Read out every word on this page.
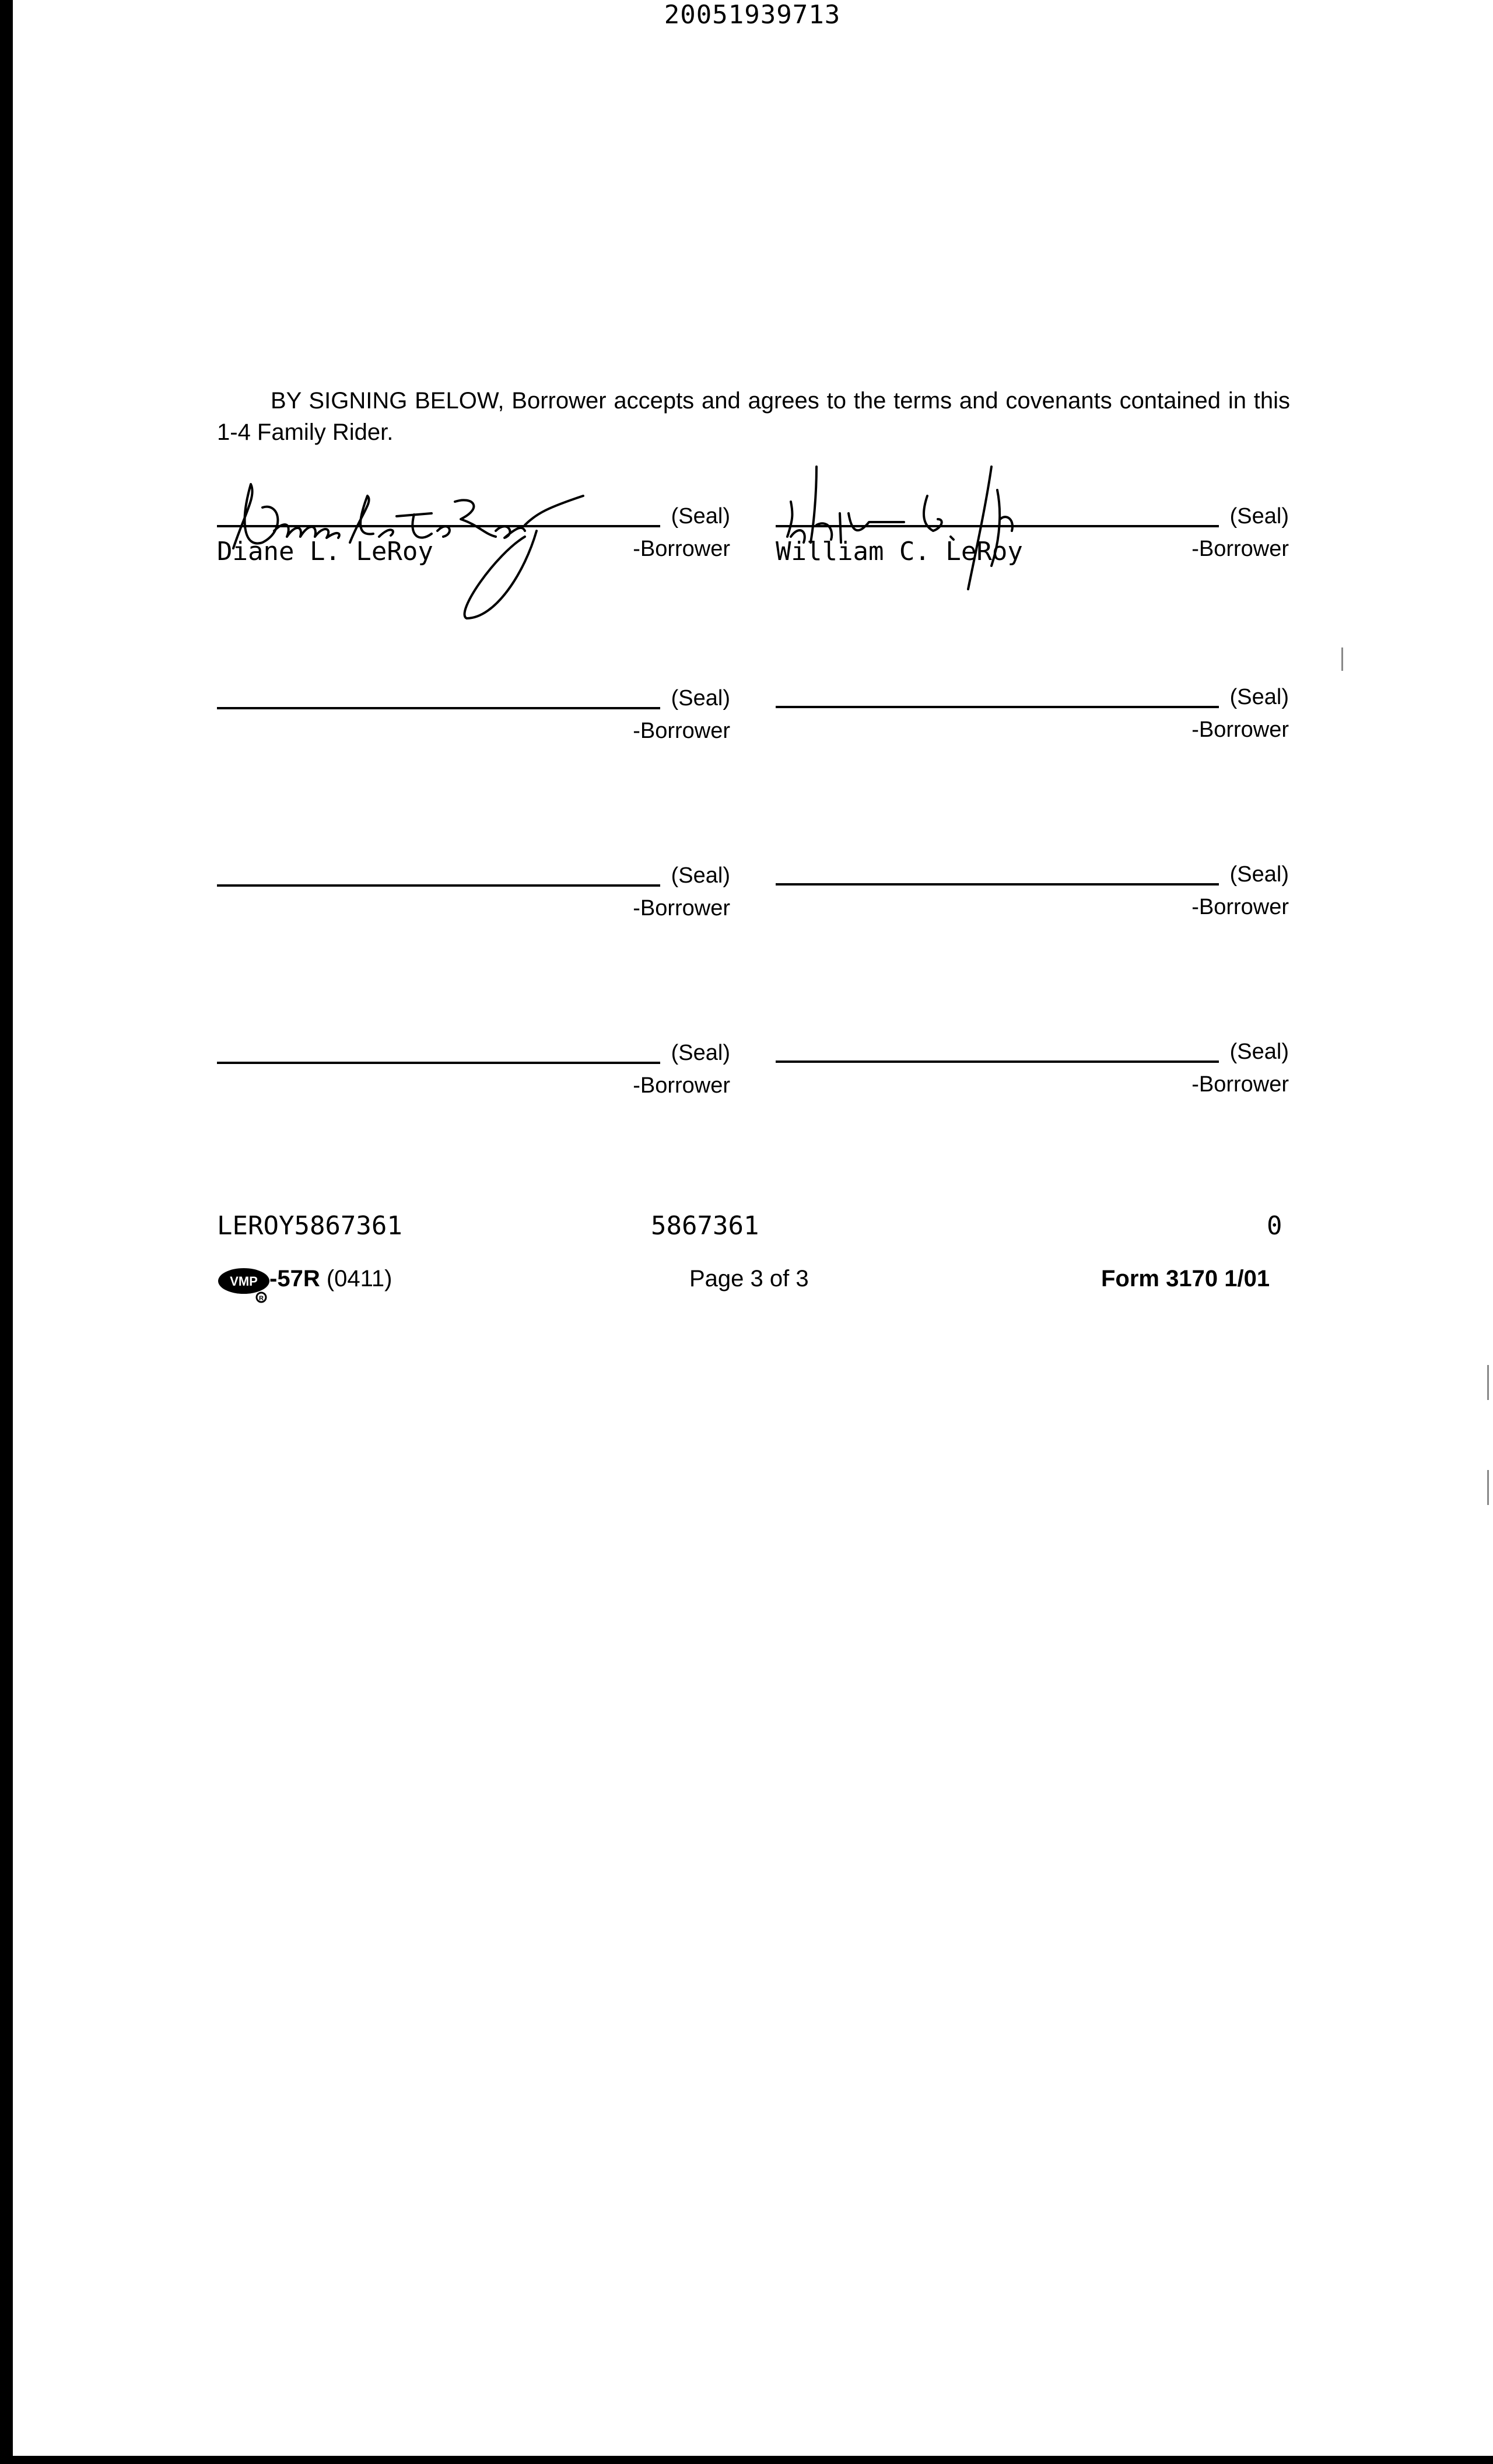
20051939713

BY SIGNING BELOW, Borrower accepts and agrees to the terms and covenants contained in this 1-4 Family Rider.

(Seal)
Diane L. LeRoy	-Borrower
(Seal)
William C. LeRoy	-Borrower
(Seal)
-Borrower
(Seal)
-Borrower
(Seal)
-Borrower
(Seal)
-Borrower
(Seal)
-Borrower
(Seal)
-Borrower
LEROY5867361	5867361	0
VMP
R
-57R (0411)	Page 3 of 3	Form 3170 1/01
